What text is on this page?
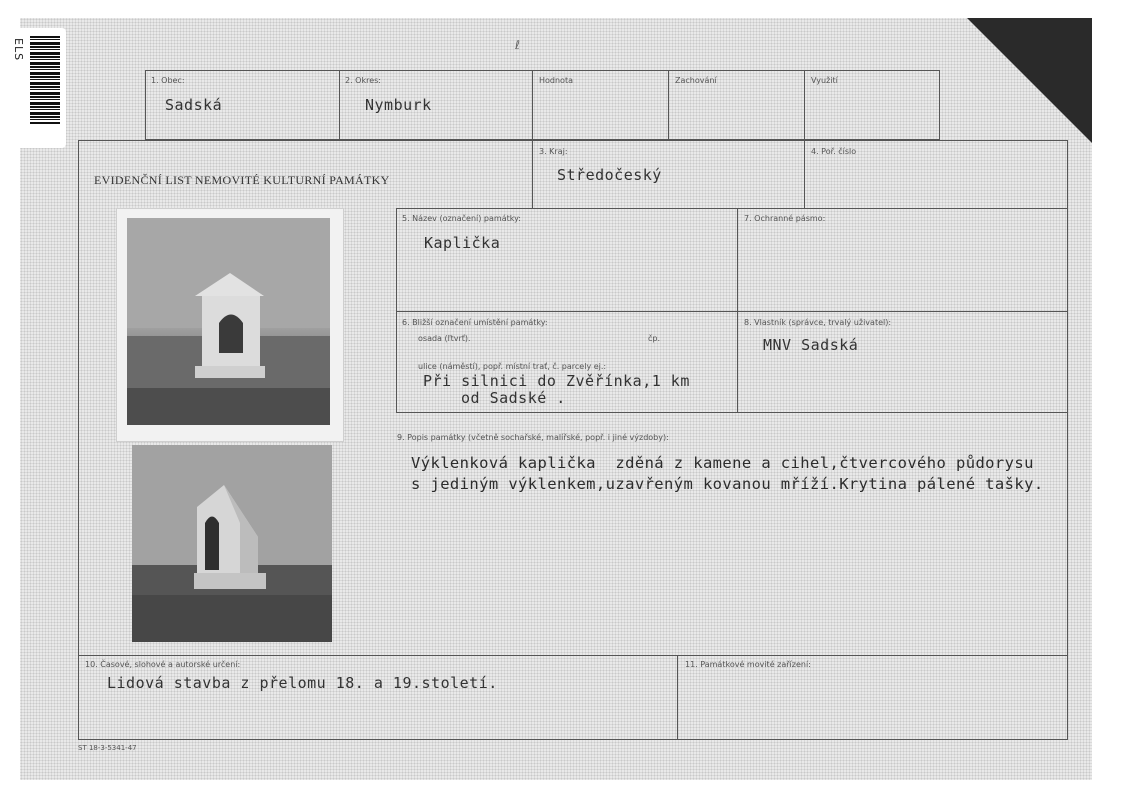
ELS	ℓ
1. Obec:
Sadská
2. Okres:
Nymburk
Hodnota	Zachování	Využití
EVIDENČNÍ LIST NEMOVITÉ KULTURNÍ PAMÁTKY
3. Kraj:
Středočeský
4. Poř. číslo
5. Název (označení) památky:
Kaplička
7. Ochranné pásmo:
6. Bližší označení umístění památky:
osada (ľtvrť).	čp.
ulice (náměstí), popř. místní trať, č. parcely ej.:
Při silnici do Zvěřínka,1 km
od Sadské .
8. Vlastník (správce, trvalý uživatel):
MNV Sadská
9. Popis památky (včetně sochařské, malířské, popř. i jiné výzdoby):
Výklenková kaplička  zděná z kamene a cihel,čtvercového půdorysu
s jediným výklenkem,uzavřeným kovanou mříží.Krytina pálené tašky.
10. Časové, slohové a autorské určení:
Lidová stavba z přelomu 18. a 19.století.
11. Památkové movité zařízení:
ST 18-3-5341-47
